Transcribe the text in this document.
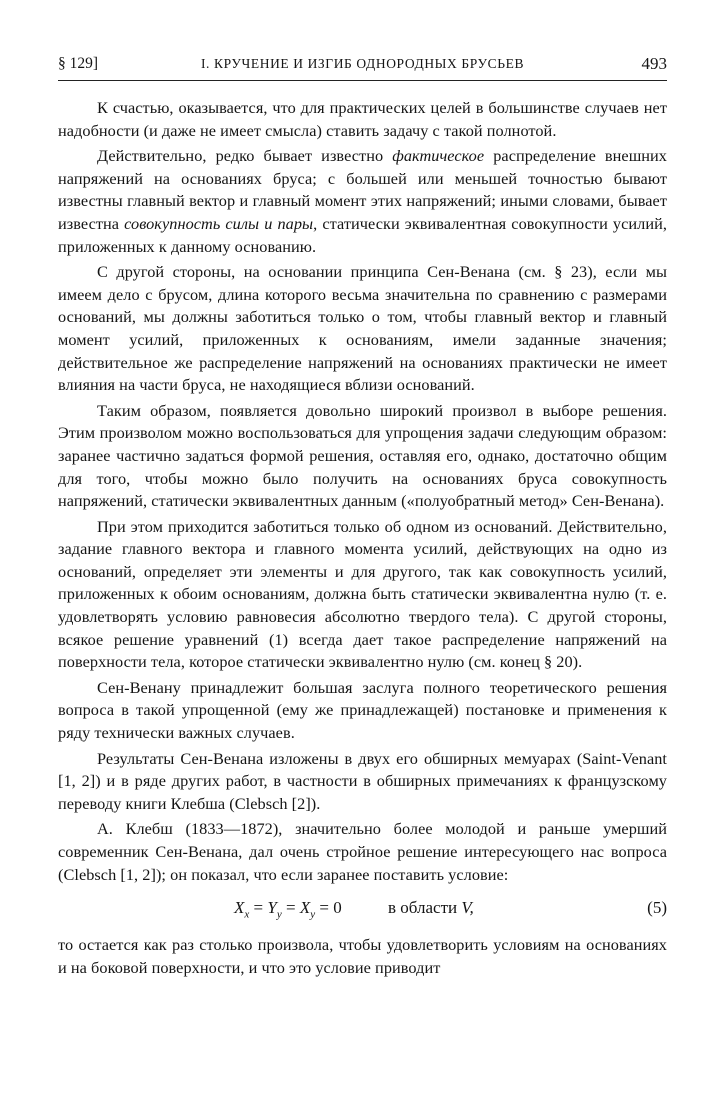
§ 129]	I. КРУЧЕНИЕ И ИЗГИБ ОДНОРОДНЫХ БРУСЬЕВ	493

К счастью, оказывается, что для практических целей в большинстве случаев нет надобности (и даже не имеет смысла) ставить задачу с такой полнотой.

Действительно, редко бывает известно фактическое распределение внешних напряжений на основаниях бруса; с большей или меньшей точностью бывают известны главный вектор и главный момент этих напряжений; иными словами, бывает известна совокупность силы и пары, статически эквивалентная совокупности усилий, приложенных к данному основанию.

С другой стороны, на основании принципа Сен-Венана (см. § 23), если мы имеем дело с брусом, длина которого весьма значительна по сравнению с размерами оснований, мы должны заботиться только о том, чтобы главный вектор и главный момент усилий, приложенных к основаниям, имели заданные значения; действительное же распределение напряжений на основаниях практически не имеет влияния на части бруса, не находящиеся вблизи оснований.

Таким образом, появляется довольно широкий произвол в выборе решения. Этим произволом можно воспользоваться для упрощения задачи следующим образом: заранее частично задаться формой решения, оставляя его, однако, достаточно общим для того, чтобы можно было получить на основаниях бруса совокупность напряжений, статически эквивалентных данным («полуобратный метод» Сен-Венана).

При этом приходится заботиться только об одном из оснований. Действительно, задание главного вектора и главного момента усилий, действующих на одно из оснований, определяет эти элементы и для другого, так как совокупность усилий, приложенных к обоим основаниям, должна быть статически эквивалентна нулю (т. е. удовлетворять условию равновесия абсолютно твердого тела). С другой стороны, всякое решение уравнений (1) всегда дает такое распределение напряжений на поверхности тела, которое статически эквивалентно нулю (см. конец § 20).

Сен-Венану принадлежит большая заслуга полного теоретического решения вопроса в такой упрощенной (ему же принадлежащей) постановке и применения к ряду технически важных случаев.

Результаты Сен-Венана изложены в двух его обширных мемуарах (Saint-Venant [1, 2]) и в ряде других работ, в частности в обширных примечаниях к французскому переводу книги Клебша (Clebsch [2]).

А. Клебш (1833—1872), значительно более молодой и раньше умерший современник Сен-Венана, дал очень стройное решение интересующего нас вопроса (Clebsch [1, 2]); он показал, что если заранее поставить условие:

$X_x = Y_y = X_y = 0$	в области V,	(5)

то остается как раз столько произвола, чтобы удовлетворить условиям на основаниях и на боковой поверхности, и что это условие приводит
